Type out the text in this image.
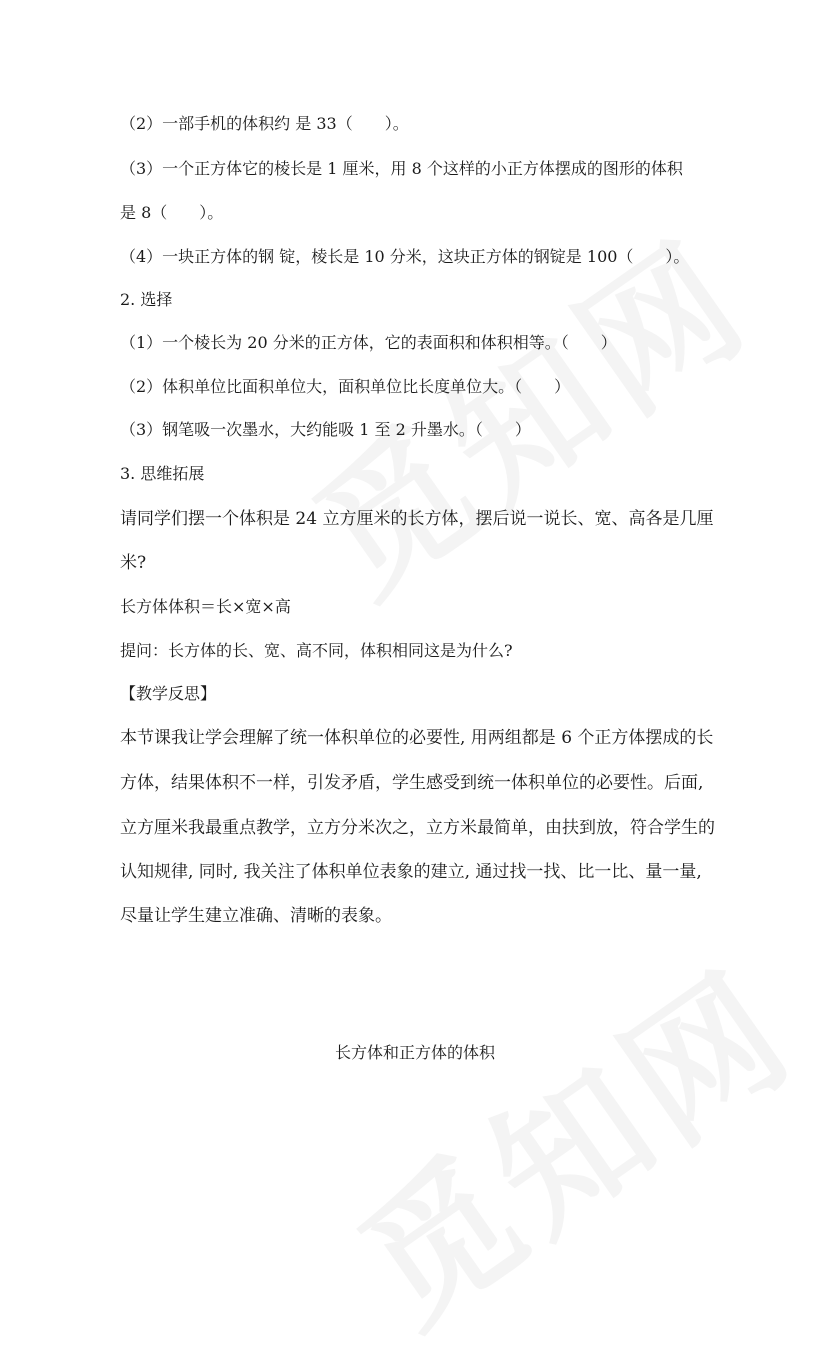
（2）一部手机的体积约 是 33（　　）。
（3）一个正方体它的棱长是 1 厘米，用 8 个这样的小正方体摆成的图形的体积
是 8（　　）。
（4）一块正方体的钢 锭，棱长是 10 分米，这块正方体的钢锭是 100（　　）。
2. 选择
（1）一个棱长为 20 分米的正方体，它的表面积和体积相等。（　　）
（2）体积单位比面积单位大，面积单位比长度单位大。（　　）
（3）钢笔吸一次墨水，大约能吸 1 至 2 升墨水。（　　）
3. 思维拓展
请同学们摆一个体积是 24 立方厘米的长方体，摆后说一说长、宽、高各是几厘
米?
长方体体积＝长×宽×高
提问：长方体的长、宽、高不同，体积相同这是为什么?
【教学反思】
本节课我让学会理解了统一体积单位的必要性, 用两组都是 6 个正方体摆成的长
方体，结果体积不一样，引发矛盾，学生感受到统一体积单位的必要性。后面,
立方厘米我最重点教学，立方分米次之，立方米最简单，由扶到放，符合学生的
认知规律, 同时, 我关注了体积单位表象的建立, 通过找一找、比一比、量一量,
尽量让学生建立准确、清晰的表象。
长方体和正方体的体积
